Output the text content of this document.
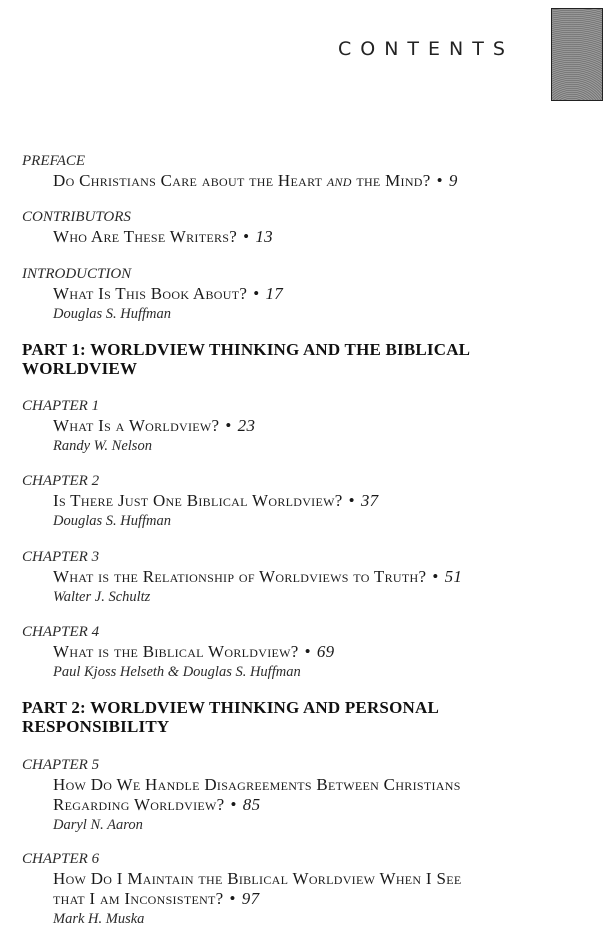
CONTENTS
PREFACE
Do Christians Care about the Heart and the Mind? • 9
CONTRIBUTORS
Who Are These Writers? • 13
INTRODUCTION
What Is This Book About? • 17
Douglas S. Huffman
PART 1: WORLDVIEW THINKING AND THE BIBLICAL
WORLDVIEW
CHAPTER 1
What Is a Worldview? • 23
Randy W. Nelson
CHAPTER 2
Is There Just One Biblical Worldview? • 37
Douglas S. Huffman
CHAPTER 3
What is the Relationship of Worldviews to Truth? • 51
Walter J. Schultz
CHAPTER 4
What is the Biblical Worldview? • 69
Paul Kjoss Helseth & Douglas S. Huffman
PART 2: WORLDVIEW THINKING AND PERSONAL
RESPONSIBILITY
CHAPTER 5
How Do We Handle Disagreements Between Christians
Regarding Worldview? • 85
Daryl N. Aaron
CHAPTER 6
How Do I Maintain the Biblical Worldview When I See
that I am Inconsistent? • 97
Mark H. Muska
